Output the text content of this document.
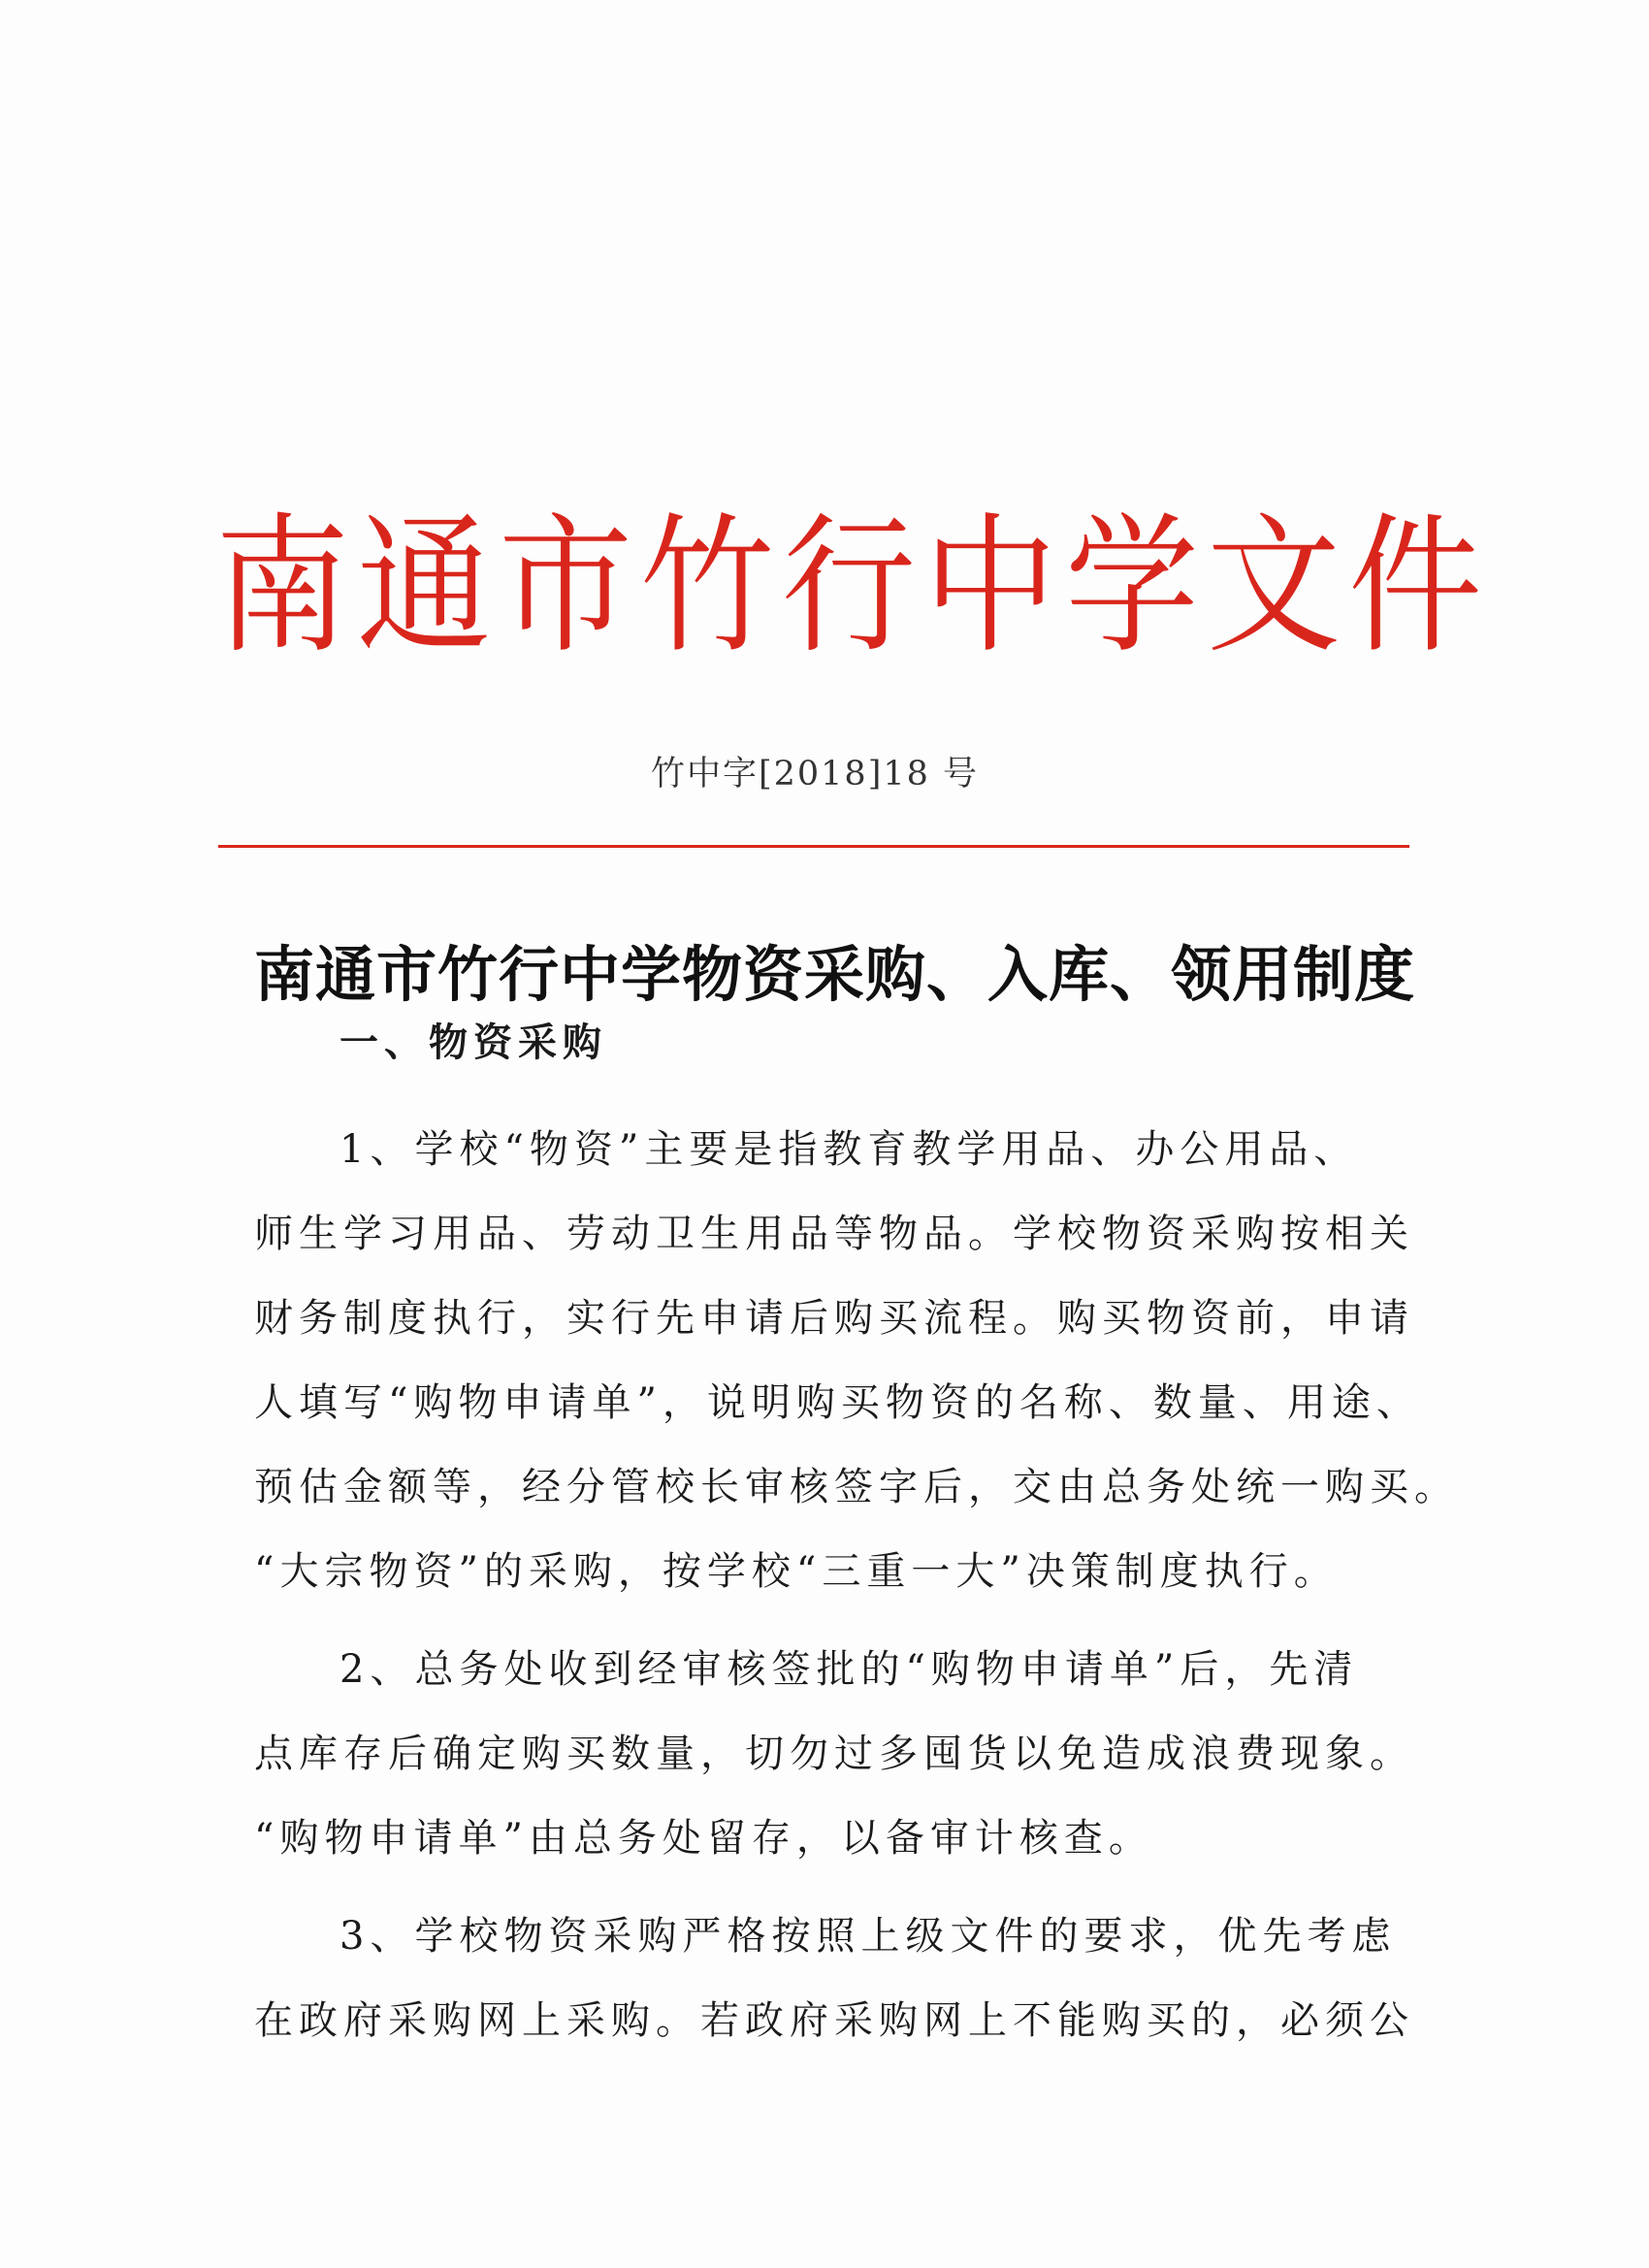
南通市竹行中学文件
竹中字[2018]18 号
南通市竹行中学物资采购、入库、领用制度
一、物资采购
1、学校“物资”主要是指教育教学用品、办公用品、
师生学习用品、劳动卫生用品等物品。学校物资采购按相关
财务制度执行，实行先申请后购买流程。购买物资前，申请
人填写“购物申请单”，说明购买物资的名称、数量、用途、
预估金额等，经分管校长审核签字后，交由总务处统一购买。
“大宗物资”的采购，按学校“三重一大”决策制度执行。
2、总务处收到经审核签批的“购物申请单”后，先清
点库存后确定购买数量，切勿过多囤货以免造成浪费现象。
“购物申请单”由总务处留存，以备审计核查。
3、学校物资采购严格按照上级文件的要求，优先考虑
在政府采购网上采购。若政府采购网上不能购买的，必须公
